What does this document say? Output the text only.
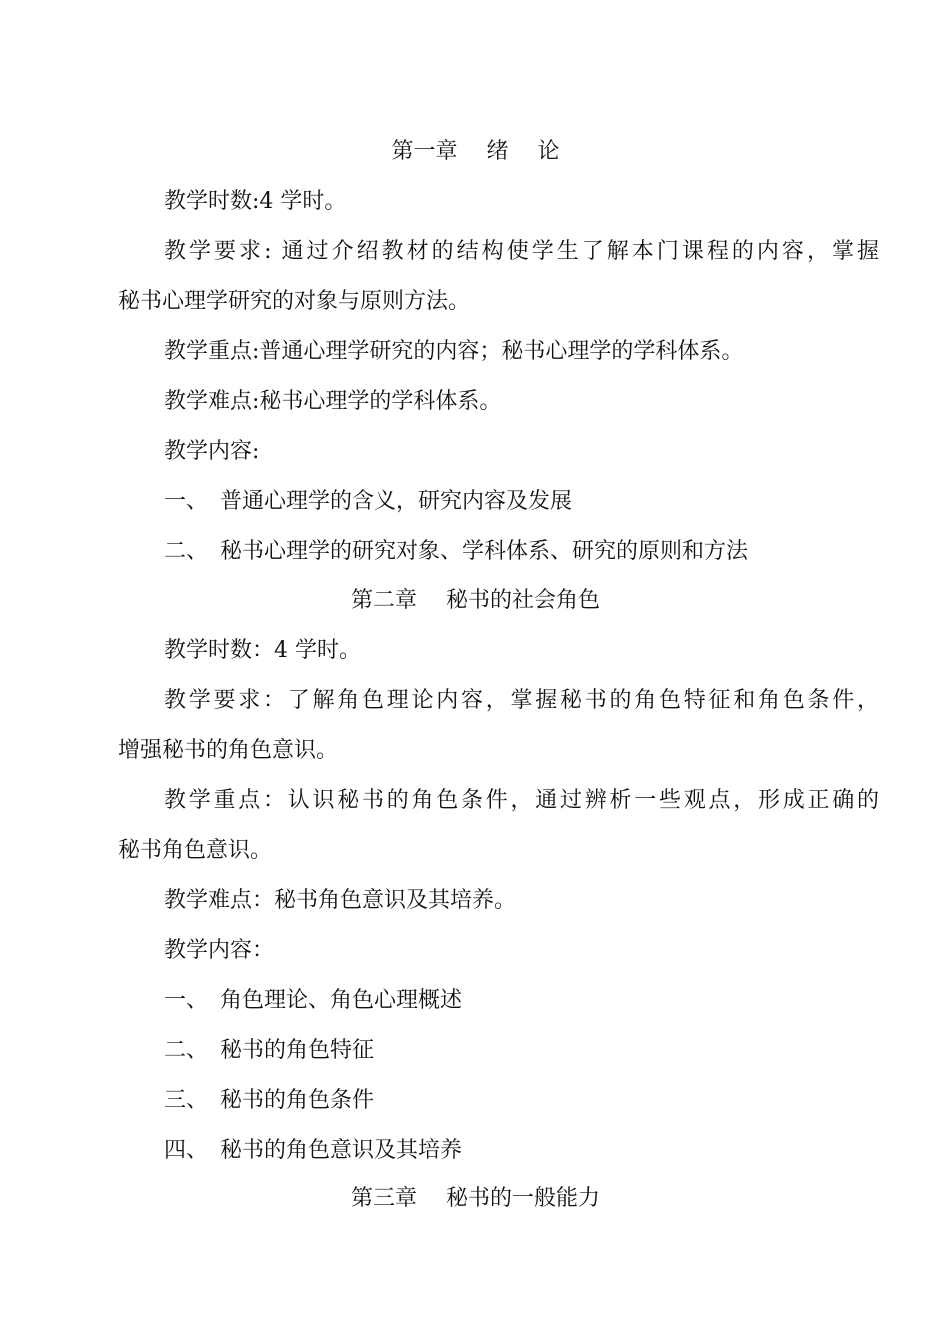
第一章　 绪　 论
教学时数:4 学时。
教学要求: 通过介绍教材的结构使学生了解本门课程的内容，掌握
秘书心理学研究的对象与原则方法。
教学重点:普通心理学研究的内容；秘书心理学的学科体系。
教学难点:秘书心理学的学科体系。
教学内容:
一、 普通心理学的含义，研究内容及发展
二、 秘书心理学的研究对象、学科体系、研究的原则和方法
第二章　 秘书的社会角色
教学时数：4 学时。
教学要求：了解角色理论内容，掌握秘书的角色特征和角色条件，
增强秘书的角色意识。
教学重点：认识秘书的角色条件，通过辨析一些观点，形成正确的
秘书角色意识。
教学难点：秘书角色意识及其培养。
教学内容：
一、 角色理论、角色心理概述
二、 秘书的角色特征
三、 秘书的角色条件
四、 秘书的角色意识及其培养
第三章　 秘书的一般能力
